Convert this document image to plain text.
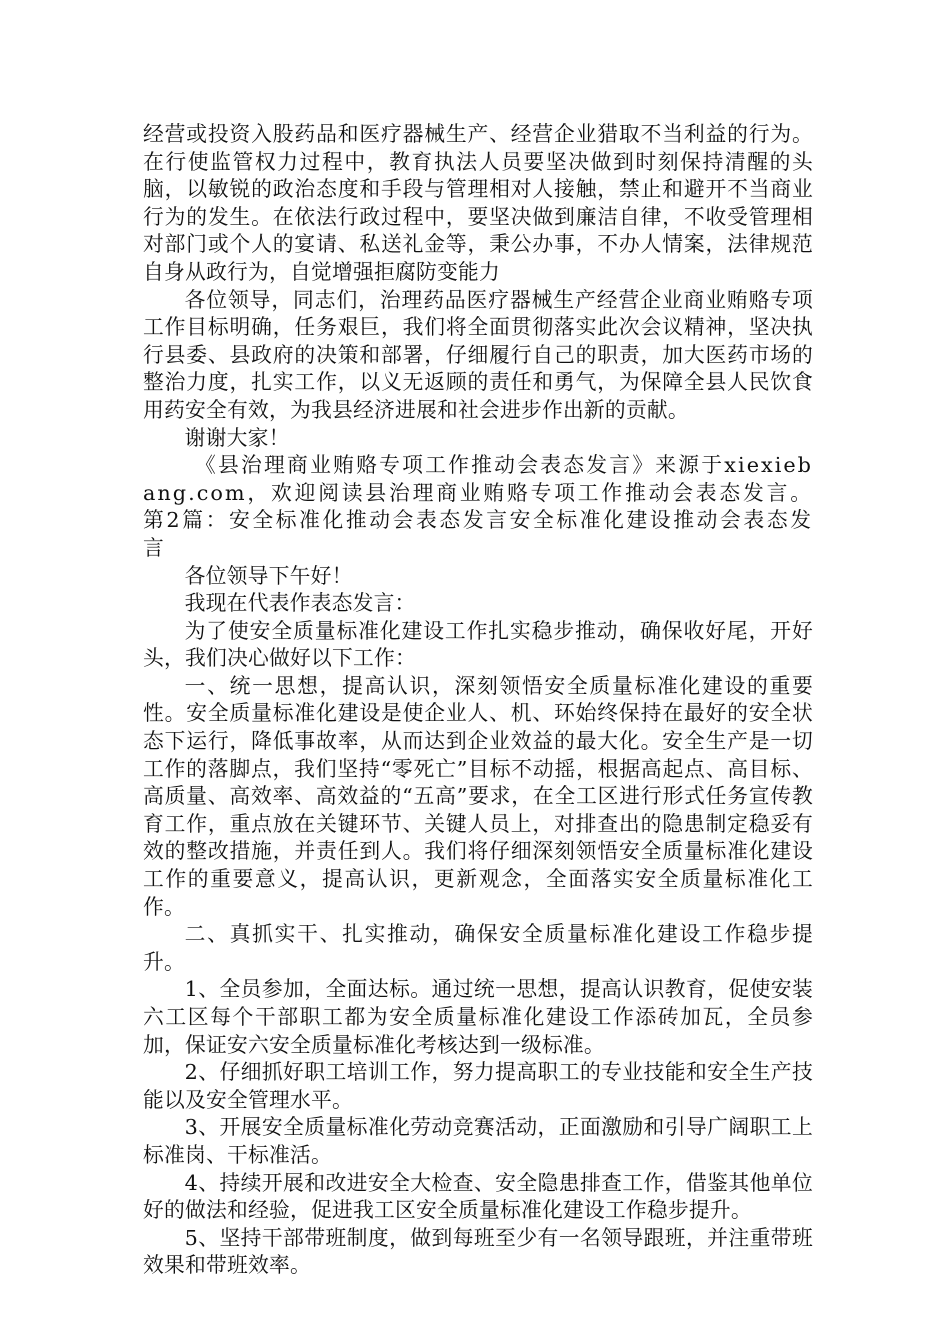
经营或投资入股药品和医疗器械生产、经营企业猎取不当利益的行为。在行使监管权力过程中，教育执法人员要坚决做到时刻保持清醒的头脑，以敏锐的政治态度和手段与管理相对人接触，禁止和避开不当商业行为的发生。在依法行政过程中，要坚决做到廉洁自律，不收受管理相对部门或个人的宴请、私送礼金等，秉公办事，不办人情案，法律规范自身从政行为，自觉增强拒腐防变能力

各位领导，同志们，治理药品医疗器械生产经营企业商业贿赂专项工作目标明确，任务艰巨，我们将全面贯彻落实此次会议精神，坚决执行县委、县政府的决策和部署，仔细履行自己的职责，加大医药市场的整治力度，扎实工作，以义无返顾的责任和勇气，为保障全县人民饮食用药安全有效，为我县经济进展和社会进步作出新的贡献。

谢谢大家！

《县治理商业贿赂专项工作推动会表态发言》来源于xiexiebang.com，欢迎阅读县治理商业贿赂专项工作推动会表态发言。第2篇：安全标准化推动会表态发言安全标准化建设推动会表态发言

各位领导下午好！

我现在代表作表态发言：

为了使安全质量标准化建设工作扎实稳步推动，确保收好尾，开好头，我们决心做好以下工作：

一、统一思想，提高认识，深刻领悟安全质量标准化建设的重要性。安全质量标准化建设是使企业人、机、环始终保持在最好的安全状态下运行，降低事故率，从而达到企业效益的最大化。安全生产是一切工作的落脚点，我们坚持“零死亡”目标不动摇，根据高起点、高目标、高质量、高效率、高效益的“五高”要求，在全工区进行形式任务宣传教育工作，重点放在关键环节、关键人员上，对排查出的隐患制定稳妥有效的整改措施，并责任到人。我们将仔细深刻领悟安全质量标准化建设工作的重要意义，提高认识，更新观念，全面落实安全质量标准化工作。

二、真抓实干、扎实推动，确保安全质量标准化建设工作稳步提升。

1、全员参加，全面达标。通过统一思想，提高认识教育，促使安装六工区每个干部职工都为安全质量标准化建设工作添砖加瓦，全员参加，保证安六安全质量标准化考核达到一级标准。

2、仔细抓好职工培训工作，努力提高职工的专业技能和安全生产技能以及安全管理水平。

3、开展安全质量标准化劳动竞赛活动，正面激励和引导广阔职工上标准岗、干标准活。

4、持续开展和改进安全大检查、安全隐患排查工作，借鉴其他单位好的做法和经验，促进我工区安全质量标准化建设工作稳步提升。

5、坚持干部带班制度，做到每班至少有一名领导跟班，并注重带班效果和带班效率。
